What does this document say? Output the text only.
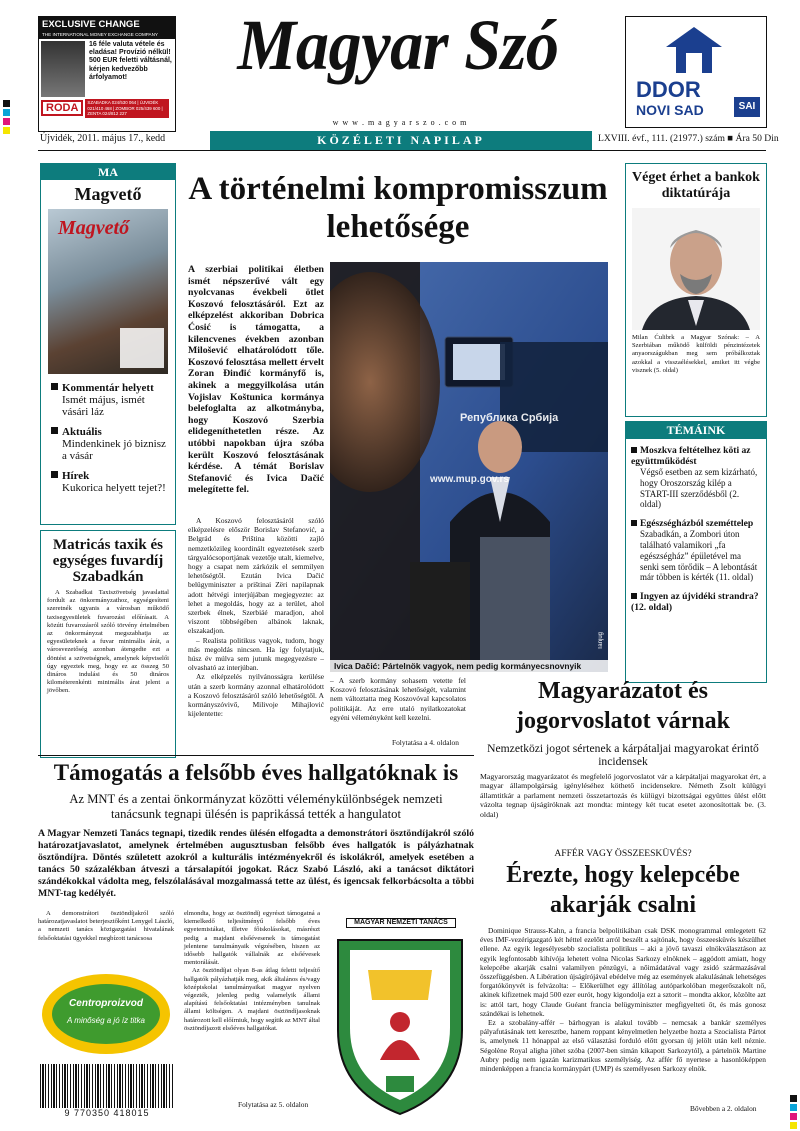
EXCLUSIVE CHANGE
THE INTERNATIONAL MONEY EXCHANGE COMPANY
16 féle valuta vétele és eladása! Provízió nélkül! 500 EUR feletti váltásnál, kérjen kedvezőbb árfolyamot!
RODA	SZABADKA 024/530 064 | ÚJVIDÉK 021/410 468 | ZOMBOR 025/439 600 | ZENTA 024/812 227
Magyar Szó
w w w . m a g y a r s z o . c o m
KÖZÉLETI NAPILAP
Újvidék, 2011. május 17., kedd	LXVIII. évf., 111. (21977.) szám ■ Ára 50 Din
DDOR
NOVI SAD	SAI
MA
Magvető
Magvető
Kommentár helyett
Ismét május, ismét vásári láz
Aktuális
Mindenkinek jó biznisz a vásár
Hírek
Kukorica helyett tejet?!
Matricás taxik és egységes fuvardíj Szabadkán
A Szabadkai Taxiszövetség javaslattal fordult az önkormányzathoz, egységesíteni szeretnék ugyanis a városban működő taxisegyesületek fuvarozási előírásait. A közúti fuvarozásról szóló törvény értelmében az önkormányzat megszabhatja az egyesületeknek a fuvar minimális árát, a városvezetőség azonban átengedte ezt a döntést a szövetségnek, amelynek képviselői úgy egyeztek meg, hogy ez az összeg 50 dináros indulási és 50 dináros kilométerenkénti minimális árat jelent a jövőben.
A történelmi kompromisszum lehetősége
A szerbiai politikai életben ismét népszerűvé vált egy nyolcvanas évekbeli ötlet Koszovó felosztásáról. Ezt az elképzelést akkoriban Dobrica Ćosić is támogatta, a kilencvenes években azonban Milošević elhatárolódott tőle. Koszovó felosztása mellett érvelt Zoran Đinđić kormányfő is, akinek a meggyilkolása után Vojislav Koštunica kormánya belefoglalta az alkotmányba, hogy Koszovó Szerbia elidegeníthetetlen része. Az utóbbi napokban újra szóba került Koszovó felosztásának kérdése. A témát Borislav Stefanović és Ivica Dačić melegítette fel.

A Koszovó felosztásáról szóló elképzelésre először Borislav Stefanović, a Belgrád és Priština közötti zajló nemzetközileg koordinált egyeztetések szerb tárgyalócsoportjának vezetője utalt, kiemelve, hogy a csapat nem zárkózik el semmilyen lehetőségtől. Ezután Ivica Dačić belügyminiszter a prištinai Zëri napilapnak adott hétvégi interjújában megjegyezte: az lehet a megoldás, hogy az a terület, ahol szerbek élnek, Szerbiáé maradjon, ahol viszont többségében albánok laknak, elszakadjon.

– Realista politikus vagyok, tudom, hogy más megoldás nincsen. Ha így folytatjuk, húsz év múlva sem jutunk megegyezésre – olvasható az interjúban.

Az elképzelés nyilvánosságra kerülése után a szerb kormány azonnal elhatárolódott a Koszovó felosztásáról szóló lehetőségtől. A kormányszóvivő, Milivoje Mihajlović kijelentette:

Република Србија
www.mup.gov.rs
Tanjug
Ivica Dačić: Pártelnök vagyok, nem pedig kormányecsnovnyik
– A szerb kormány sohasem vetette fel Koszovó felosztásának lehetőségét, valamint nem változtatta meg Koszovóval kapcsolatos politikáját. Az erre utaló nyilatkozatokat egyéni véleményként kell kezelni.
Folytatása a 4. oldalon
Véget érhet a bankok diktatúrája
Milan Ćulibrk a Magyar Szónak: – A Szerbiában működő külföldi pénzintézetek anyaországukban meg sem próbálkoztak azokkal a visszaélésekkel, amiket itt végbe visznek (5. oldal)
TÉMÁINK
Moszkva feltételhez köti az együttműködést
Végső esetben az sem kizárható, hogy Oroszország kilép a START-III szerződésből (2. oldal)
Egészségházból szeméttelep
Szabadkán, a Zombori úton található valamikori „fa egészségház” épületével ma senki sem törődik – A lebontását már többen is kérték (11. oldal)
Ingyen az újvidéki strandra? (12. oldal)
Magyarázatot és jogorvoslatot várnak
Nemzetközi jogot sértenek a kárpátaljai magyarokat érintő incidensek
Magyarország magyarázatot és megfelelő jogorvoslatot vár a kárpátaljai magyarokat ért, a magyar állampolgárság igényléséhez köthető incidensekre. Németh Zsolt külügyi államtitkár a parlament nemzeti összetartozás és külügyi bizottságai együttes ülést előtt vázolta tegnap újságíróknak azt mondta: mintegy két tucat esetet azonosítottak be. (3. oldal)
Támogatás a felsőbb éves hallgatóknak is
Az MNT és a zentai önkormányzat közötti véleménykülönbségek nemzeti tanácsunk tegnapi ülésén is paprikássá tették a hangulatot
A Magyar Nemzeti Tanács tegnapi, tizedik rendes ülésén elfogadta a demonstrátori ösztöndíjakról szóló határozatjavaslatot, amelynek értelmében augusztusban felsőbb éves hallgatók is pályázhatnak ösztöndíjra. Döntés született azokról a kulturális intézményekről és iskolákról, amelyek esetében a tanács 50 százalékban átveszi a társalapítói jogokat. Rácz Szabó László, aki a tanácsot diktátori szándékokkal vádolta meg, felszólalásával mozgalmassá tette az ülést, és igencsak felkorbácsolta a többi MNT-tag kedélyét.
A demonstrátori ösztöndíjakról szóló határozatjavaslatot beterjesztőként Lenygel László, a nemzeti tanács közigazgatási hivatalának felsőoktatási ügyekkel megbízott tanácsosa
Centroproizvod
A minőség a jó íz titka
9 770350 418015

elmondta, hogy az ösztöndíj egyrészt támogatná a kiemelkedő teljesítményű felsőbb éves egyetemistákat, illetve főiskolásokat, másrészt pedig a majdani elsőévesenek is támogatást jelentene tanulmányaik végzésében, hiszen az idősebb hallgatók vállalnák az elsőévesek mentorálását.

Az ösztöndíjat olyan 8-as átlag feletti teljesítő hallgatók pályázhatják meg, akik általános és/vagy középiskolai tanulmányaikat magyar nyelven végezték, jelenleg pedig valamelyik állami alapítású felsőoktatási intézményben tanulnak állami költségen. A majdani ösztöndíjasoknak határozott kell előírniuk, hogy segítik az MNT által ösztöndíjazott elsőéves hallgatókat.

Folytatása az 5. oldalon
MAGYAR NEMZETI TANÁCS
AFFÉR VAGY ÖSSZEESKÜVÉS?
Érezte, hogy kelepcébe akarják csalni

Dominique Strauss-Kahn, a francia belpolitikában csak DSK monogrammal emlegetett 62 éves IMF-vezérigazgató két héttel ezelőtt arról beszélt a sajtónak, hogy összeesküvés készülhet ellene. Az egyik legesélyesebb szocialista politikus – aki a jövő tavaszi elnökválasztáson az egyik legfontosabb kihívója lehetett volna Nicolas Sarkozy elnöknek – aggódott amiatt, hogy kelepcébe akarják csalni valamilyen pénzügyi, a nőimádatával vagy zsidó származásával összefüggésben. A Libération újságírójával ebédelve még az események alakulásának lehetséges forgatókönyvét is felvázolta: – Előkerülhet egy állítólag autóparkolóban megerőszakolt nő, akinek kifizetnek majd 500 ezer eurót, hogy kigondolja ezt a sztorit – mondta akkor, közölte azt is: attól tart, hogy Claude Guéant francia belügyminiszter megfigyelteti őt, és más gonosz szándékai is lehetnek.

Ez a szobalány-affér – bárhogyan is alakul tovább – nemcsak a bankár személyes pályafutásának tett keresztbe, hanem roppant kényelmetlen helyzetbe hozta a Szocialista Pártot is, amelynek 11 hónappal az első választási forduló előtt gyorsan új jelölt után kell néznie. Ségolène Royal aligha jöhet szóba (2007-ben simán kikapott Sarkozytól), a pártelnök Martine Aubry pedig nem igazán karizmatikus személyiség. Az affér fő nyertese a hasonlóképpen mindenképpen a francia kormánypárt (UMP) és személyesen Sarkozy elnök.

Bővebben a 2. oldalon
